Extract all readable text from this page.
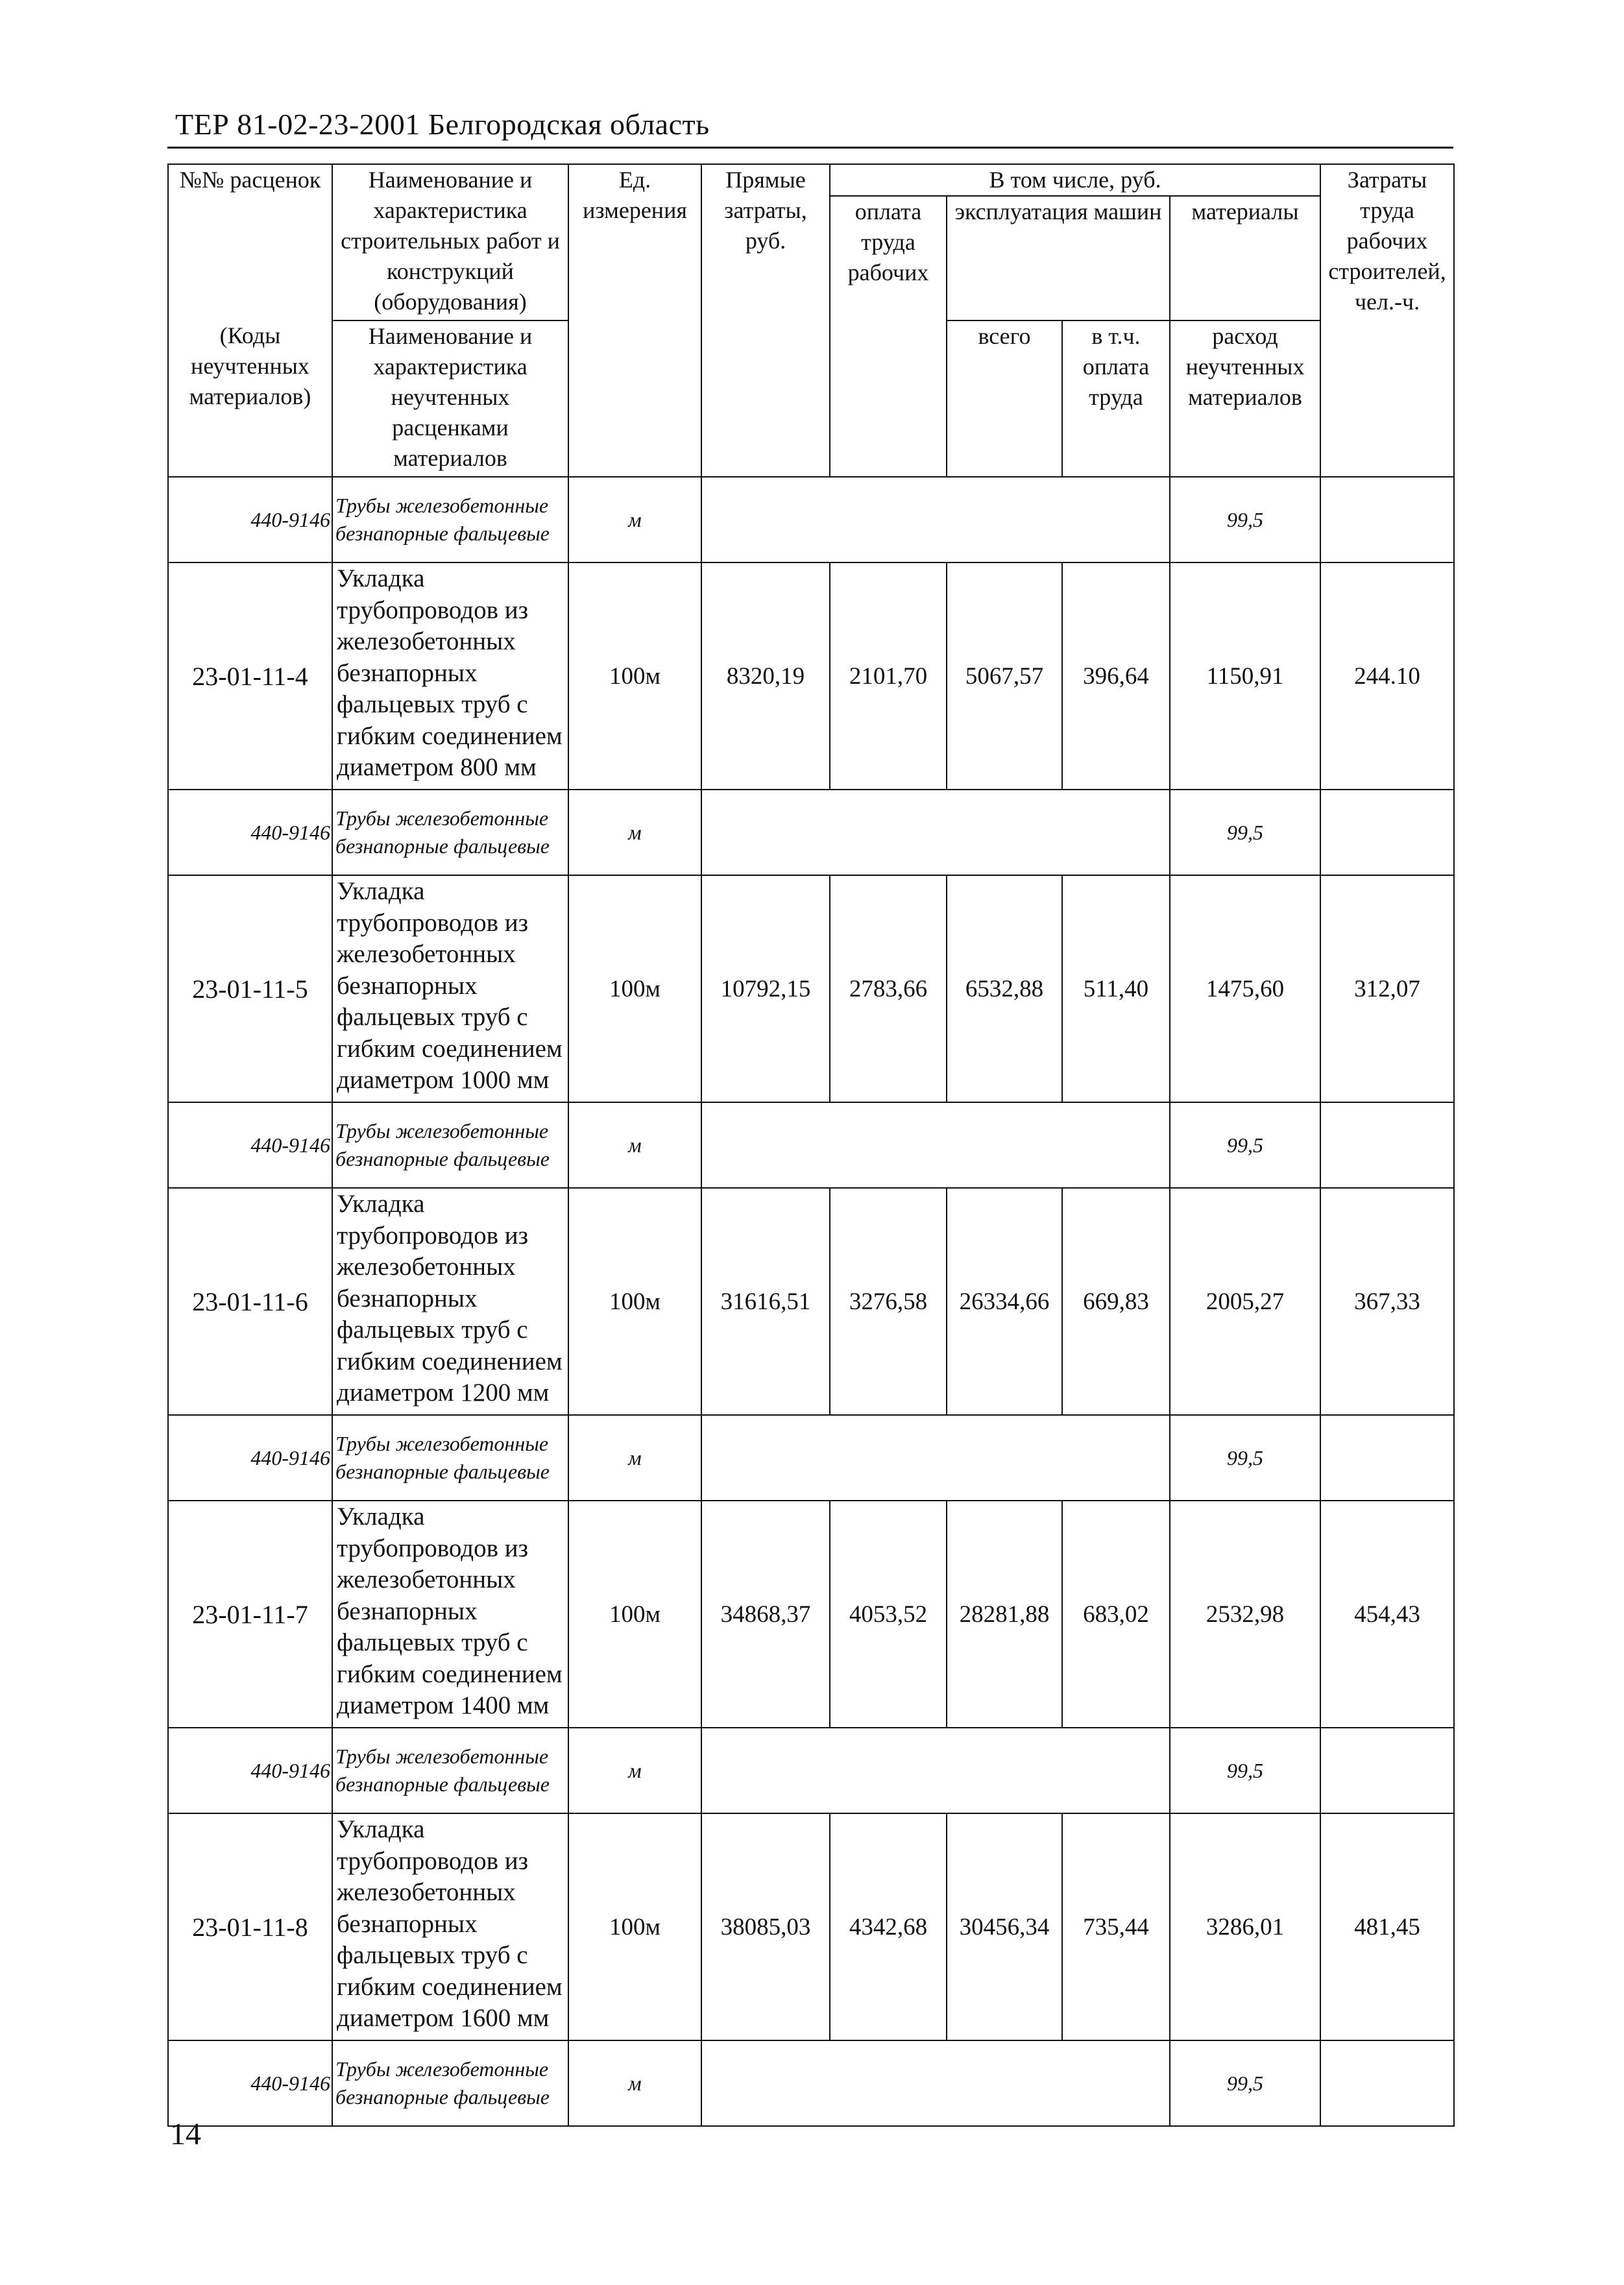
ТЕР 81-02-23-2001 Белгородская область
№№ расценок	Наименование и характеристика строительных работ и конструкций (оборудования)	Ед. измерения	Прямые затраты, руб.	В том числе, руб.				Затраты труда рабочих строителей, чел.-ч.
				оплата труда рабочих	эксплуатация машин		материалы	
(Коды неучтенных материалов)	Наименование и характеристика неучтенных расценками материалов				всего	в т.ч. оплата труда	расход неучтенных материалов	

440-9146	Трубы железобетонные безнапорные фальцевые	м					99,5	
23-01-11-4	Укладка трубопроводов из железобетонных безнапорных фальцевых труб с гибким соединением диаметром 800 мм	100м	8320,19	2101,70	5067,57	396,64	1150,91	244.10
440-9146	Трубы железобетонные безнапорные фальцевые	м					99,5	
23-01-11-5	Укладка трубопроводов из железобетонных безнапорных фальцевых труб с гибким соединением диаметром 1000 мм	100м	10792,15	2783,66	6532,88	511,40	1475,60	312,07
440-9146	Трубы железобетонные безнапорные фальцевые	м					99,5	
23-01-11-6	Укладка трубопроводов из железобетонных безнапорных фальцевых труб с гибким соединением диаметром 1200 мм	100м	31616,51	3276,58	26334,66	669,83	2005,27	367,33
440-9146	Трубы железобетонные безнапорные фальцевые	м					99,5	
23-01-11-7	Укладка трубопроводов из железобетонных безнапорных фальцевых труб с гибким соединением диаметром 1400 мм	100м	34868,37	4053,52	28281,88	683,02	2532,98	454,43
440-9146	Трубы железобетонные безнапорные фальцевые	м					99,5	
23-01-11-8	Укладка трубопроводов из железобетонных безнапорных фальцевых труб с гибким соединением диаметром 1600 мм	100м	38085,03	4342,68	30456,34	735,44	3286,01	481,45
440-9146	Трубы железобетонные безнапорные фальцевые	м					99,5	
14
